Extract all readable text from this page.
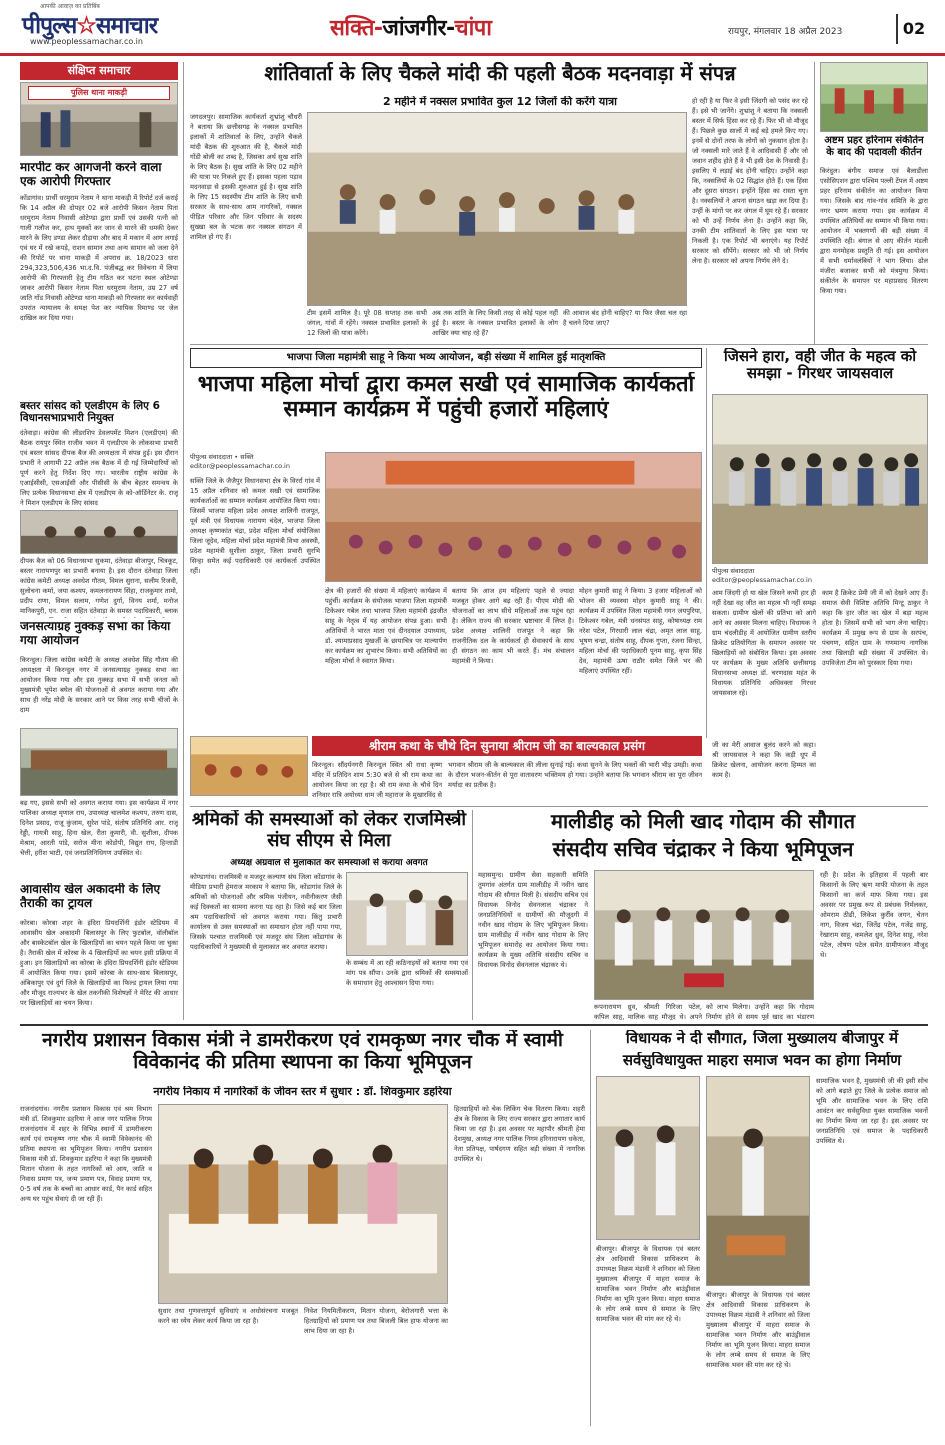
पीपुल्स☆समाचार
आपकी आवाज़ का प्रतिबिंब
www.peoplessamachar.co.in
सक्ति-जांजगीर-चांपा	रायपुर, मंगलवार 18 अप्रैल 2023	02
संक्षिप्त समाचार
पुलिस थाना माकड़ी
मारपीट कर आगजनी करने वाला एक आरोपी गिरफ्तार
कोंडागांव। प्रार्थी धरमुराम नेताम ने थाना माकड़ी में रिपोर्ट दर्ज कराई कि 14 अप्रैल की दोपहर 02 बजे आरोपी किसन नेताम पिता धरमुराम नेताम निवासी ओटेण्डा द्वारा प्रार्थी एवं उसकी पत्नी को गाली गलौज कर, हाथ मुक्कों कर जान से मारने की धमकी देकर मारने के लिए डण्डा लेकर दौड़ाया और बाद में मकान में आग लगाई एवं घर में रखे कपड़े, राशन सामान तथा अन्य सामान को जला देने की रिपोर्ट पर थाना माकड़ी में अपराध क्र. 18/2023 धारा 294,323,506,436 भा.द.वि. पंजीबद्ध कर विवेचना में लिया आरोपी की गिरफ्तारी हेतु टीम गठित कर घटना स्थल ओटेण्डा जाकर आरोपी किसन नेताम पिता धरमुराम नेताम, उम्र 27 वर्ष जाति गोंड निवासी ओटेण्डा थाना माकड़ी को गिरफ्तार कर कार्यवाही उपरांत न्यायालय के समक्ष पेश कर न्यायिक रिमाण्ड पर जेल दाखिल कर दिया गया।
बस्तर सांसद को एलडीएम के लिए 6 विधानसभाप्रभारी नियुक्त
दंतेवाड़ा। कांग्रेस की लीडरशिप डेवलपमेंट मिशन (एलडीएम) की बैठक रायपुर स्थित राजीव भवन में एलडीएम के लोकसभा प्रभारी एवं बस्तर सांसद दीपक बैज की अध्यक्षता में संपन्न हुई। इस दौरान प्रभारी ने आगामी 22 अप्रैल तक बैठक में दी गई जिम्मेदारियों को पूर्ण करने हेतु निर्देश दिए गए। भारतीय राष्ट्रीय कांग्रेस के एआईसीसी, एसआईसी और पीसीसी के बीच बेहतर समन्वय के लिए प्रत्येक विधानसभा क्षेत्र में एलडीएम के को-ऑर्डिनेटर के. राजू ने मिशन एलडीएम के लिए सांसद
दीपक बैज को 06 विधानसभा सुकमा, दंतेवाड़ा बीजापुर, चित्रकूट, बस्तर नारायणपुर का प्रभारी बनाया है। इस दौरान दंतेवाड़ा जिला कांग्रेस कमेटी अध्यक्ष अवधेश गौतम, विमल सुराना, सलीम रिजवी, सुलोचना कर्मा, जया कश्यप, कमलनारायण सिंहा, राजकुमार तामो, प्रदीप राणा, विमल सलाम, गणेश दुर्गा, विनय शर्मा, मनोज मानिकपुरी, एन. राजा सहित दंतेवाड़ा के समस्त पदाधिकारी, ब्लाक
जनसत्याग्रह नुक्कड़ सभा का किया गया आयोजन
किरन्दुल। जिला कांग्रेस कमेटी के अध्यक्ष अवधेश सिंह गौतम की अध्यक्षता में किरन्दुल नगर में जनसत्याग्रह नुक्कड़ सभा का आयोजन किया गया और इस नुक्कड़ सभा में सभी जनता को मुख्यमंत्री भूपेश बघेल की योजनाओं से अवगत कराया गया और साथ ही नरेंद्र मोदी के सरकार आने पर किस तरह सभी चीजों के दाम
बढ़ गए, इससे सभी को अवगत कराया गया। इस कार्यक्रम में नगर पालिका अध्यक्ष मृणाल राय, उपाध्यक्ष चालमेश कश्यप, तरुण दास, दिनेश प्रसाद, राजू कुंजाम, सुरेश पांडे, संतोष प्रतिनिधि आर. राजू रेड्डी, गायत्री साहू, हिना खेल, रीता कुमारी, वी. सुशीला, दीपक मेश्राम, आरती पांडे, सरोज मीना कोडोपी, विद्युत राय, हिन्ताडी चेत्ती, हरीश भाटी, एवं जनप्रतिनिधिगण उपस्थित थे।
आवासीय खेल अकादमी के लिए तैराकी का ट्रायल
कोरबा। कोरबा शहर के इंदिरा प्रियदर्शिनी इंडोर स्टेडियम में आवासीय खेल अकादमी बिलासपुर के लिए फुटबॉल, वॉलीबॉल और बास्केटबॉल खेल के खिलाड़ियों का चयन पहले किया जा चुका है। तैराकी खेल में कोरबा के 4 खिलाड़ियों का चयन इसी प्रक्रिया में हुआ। इन खिलाड़ियों का कोरबा के इंदिरा प्रियदर्शिनी इंडोर स्टेडियम में आयोजित किया गया। इसमें कोरबा के साथ-साथ बिलासपुर, अंबिकापुर एवं दुर्ग जिले के खिलाड़ियों का फिल्ड ट्रायल लिया गया और मौजूद राज्यभर के खेल तकनीकी विशेषज्ञों ने मेरिट की आधार पर खिलाड़ियों का चयन किया।
शांतिवार्ता के लिए चैकले मांदी की पहली बैठक मदनवाड़ा में संपन्न
2 महीने में नक्सल प्रभावित कुल 12 जिलों की करेंगे यात्रा
जगदलपुर। सामाजिक कार्यकर्ता शुभ्रांशु चौधरी ने बताया कि छत्तीसगढ़ के नक्सल प्रभावित इलाकों में शांतिवार्ता के लिए, उन्होंने चैकले मांदी बैठक की शुरुआत की है, चैकले मांदी गोंडी बोली का शब्द है, जिसका अर्थ सुख शांति के लिए बैठक है। सुख शांति के लिए 02 महीने की यात्रा पर निकले हुए हैं। इसका पहला पड़ाव मदनवाड़ा से इसकी शुरुआत हुई है। सुख शांति के लिए 15 सदस्यीय टीम शांति के लिए सभी सरकार के साथ-साथ आम नागरिकों, नक्सल पीड़ित परिवार और जिन परिवार के सदस्य सुख्खा बल के भटक कर नक्सल संगठन में शामिल हो गए हैं।
टीम इसमें शामिल है। पूरे 08 सप्ताह तक सभी जंगल, गांवों में रहेंगे। नक्सल प्रभावित इलाकों के 12 जिलों की यात्रा करेंगे।
अब तक शांति के लिए किसी तरह से कोई पहल नहीं हुई है। बस्तर के नक्सल प्रभावित इलाकों के लोग आखिर क्या चाह रहे हैं?
की आवाज बंद होनी चाहिए? या फिर जैसा चल रहा है चलने दिया जाए?
हो रही है या फिर वे इसी जिंदगी को पसंद कर रहे हैं। इसे भी जानेंगे। शुभ्रांशु ने बताया कि नक्सली बस्तर में सिर्फ हिंसा कर रहे हैं। फिर भी वो मौजूद हैं। पिछले कुछ सालों में कई बड़े हमले किए गए। इनमें से दोनों तरफ के लोगों को नुकसान होता है। जो नक्सली मारे जाते हैं वे आदिवासी हैं और जो जवान शहीद होते हैं वे भी इसी देश के निवासी हैं। इसलिए ये लड़ाई बंद होनी चाहिए। उन्होंने कहा कि, नक्सलियों के 02 सिद्धांत होते हैं। एक हिंसा और दूसरा संगठन। इन्होंने हिंसा का रास्ता चुना है। नक्सलियों ने अपना संगठन खड़ा कर दिया है। उन्हीं के मांगों पर कर जंगल में घूम रहे हैं। सरकार को भी उन्हें निर्णय लेना है। उन्होंने कहा कि, उनकी टीम शांतिवार्ता के लिए इस यात्रा पर निकली है। एक रिपोर्ट भी बनाएंगे। यह रिपोर्ट सरकार को सौंपेंगे। सरकार को भी जो निर्णय लेना है। सरकार को अपना निर्णय लेने दे।
अष्टम प्रहर हरिनाम संकीर्तन के बाद की पदावली कीर्तन
किरंदुल। बंगीय समाज एवं बैलाडीला एसोसिएशन द्वारा पश्चिम पल्ली टेंपल में अष्टम प्रहर हरिनाम संकीर्तन का आयोजन किया गया। जिसके बाद गांव-गांव समिति के द्वारा नगर भ्रमण कराया गया। इस कार्यक्रम में उपस्थित अतिथियों का सम्मान भी किया गया। आयोजन में भक्तगणों की बड़ी संख्या में उपस्थिति रही। बंगाल से आए कीर्तन मंडली द्वारा मनमोहक प्रस्तुति दी गई। इस आयोजन में सभी धर्मावलंबियों ने भाग लिया। ढोल मंजीरा बजाकर सभी को मंत्रमुग्ध किया। संकीर्तन के समापन पर महाप्रसाद वितरण किया गया।
भाजपा जिला महामंत्री साहू ने किया भव्य आयोजन, बड़ी संख्या में शामिल हुई मातृशक्ति
भाजपा महिला मोर्चा द्वारा कमल सखी एवं सामाजिक कार्यकर्ता सम्मान कार्यक्रम में पहुंची हजारों महिलाएं
पीपुल्स संवाददाता • सक्ति
editor@peoplessamachar.co.in
सक्ति जिले के जैजैपुर विधानसभा क्षेत्र के विरर्रा गांव में 15 अप्रैल शनिवार को कमल सखी एवं सामाजिक कार्यकर्ताओं का सम्मान कार्यक्रम आयोजित किया गया। जिसमें भाजपा महिला प्रदेश अध्यक्ष शालिनी राजपूत, पूर्व मंत्री एवं विधायक नारायण चंदेल, भाजपा जिला अध्यक्ष कृष्णकांत चंद्रा, प्रदेश महिला मोर्चा संयोजिका जिला जूदेव, महिला मोर्चा प्रदेश महामंत्री विभा अवस्थी, प्रदेश महामंत्री सुशीला ठाकुर, जिला प्रभारी सुरभि सिन्हा समेत कई पदाधिकारी एवं कार्यकर्ता उपस्थित रहीं।
क्षेत्र की हजारों की संख्या में महिलाएं कार्यक्रम में पहुंचीं। कार्यक्रम के संयोजक भाजपा जिला महामंत्री टिकेश्वर गबेल तथा भाजपा जिला महामंत्री इंद्रजीत साहू के नेतृत्व में यह आयोजन संपन्न हुआ। सभी अतिथियों ने भारत माता एवं दीनदयाल उपाध्याय, डॉ. श्यामाप्रसाद मुखर्जी के छायाचित्र पर माल्यार्पण कर कार्यक्रम का शुभारंभ किया। सभी अतिथियों का महिला मोर्चा ने स्वागत किया।
बताया कि आज हम महिलाएं पहले से ज्यादा मजबूत होकर आगे बढ़ रही हैं। पीएम मोदी की योजनाओं का लाभ सीधे महिलाओं तक पहुंच रहा है। लेकिन राज्य की सरकार भ्रष्टाचार में लिप्त है। प्रदेश अध्यक्ष शालिनी राजपूत ने कहा कि राजनीतिक दल के कार्यकर्ता ही सेवाकार्य के साथ ही संगठन का काम भी करते हैं। मंच संचालन महामंत्री ने किया।
मोहन कुमारी साहू ने किया। 3 हजार महिलाओं को भोजन की व्यवस्था मोहन कुमारी साहू ने की। कार्यक्रम में उपस्थित जिला महामंत्री गगन जयपुरिया, टिकेश्वर गबेल, मंत्री धनसंपत साहू, कोषाध्यक्ष राम नरेश पटेल, गिरधारी लाल चंद्रा, अमृत लाल साहू, भूषण चन्द्रा, संतोष साहू, दीपक गुप्ता, रंजना सिन्हा, महिला मोर्चा की पदाधिकारी पूनम साहू, कृपा सिंह देव, महामंत्री ऊषा राठौर समेत जिले भर की महिलाएं उपस्थित रहीं।
जिसने हारा, वही जीत के महत्व को समझा - गिरधर जायसवाल
पीपुल्स संवाददाता
editor@peoplessamachar.co.in
आम जिंदगी हो या खेल जिसने कभी हार ही नहीं देखा वह जीत का महत्व भी नहीं समझ सकता। ग्रामीण खेलों की प्रतिभा को आगे आने का अवसर मिलना चाहिए। विधायक ने ग्राम चंदलीडीह में आयोजित ग्रामीण स्तरीय क्रिकेट प्रतियोगिता के समापन अवसर पर खिलाड़ियों को संबोधित किया। इस अवसर पर कार्यक्रम के मुख्य अतिथि छत्तीसगढ़ विधानसभा अध्यक्ष डॉ. चरणदास महंत के विधायक प्रतिनिधि अधिवक्ता गिरधर जायसवाल रहे।
काम है क्रिकेट प्रेमी जी में को देखने आए हैं। समाज सेवी विशिष्ट अतिथि मिन्टू ठाकुर ने कहा कि हार जीत का खेल में बड़ा महत्व होता है। जिसमें सभी को भाग लेना चाहिए। कार्यक्रम में प्रमुख रूप से ग्राम के सरपंच, पंचगण, सहित ग्राम के गणमान्य नागरिक तथा खिलाड़ी बड़ी संख्या में उपस्थित थे। उपविजेता टीम को पुरस्कार दिया गया।
श्रीराम कथा के चौथे दिन सुनाया श्रीराम जी का बाल्यकाल प्रसंग
किरन्दुल। सौंदर्यनगरी किरन्दुल स्थित श्री राधा कृष्ण मंदिर में प्रतिदिन शाम 5:30 बजे से श्री राम कथा का आयोजन किया जा रहा है। श्री राम कथा के चौथे दिन शनिवार रात्रि अयोध्या धाम जी महाराज के मुखारविंद से
भगवान श्रीराम जी के बाल्यकाल की लीला सुनाई गई। कथा सुनने के लिए भक्तों की भारी भीड़ उमड़ी। कथा के दौरान भजन-कीर्तन से पूरा वातावरण भक्तिमय हो गया। उन्होंने बताया कि भगवान श्रीराम का पूरा जीवन मर्यादा का प्रतीक है।
जी का मेरी आवाज बुलंद करने को कहा। श्री जायसवाल ने कहा कि कड़ी धूप में क्रिकेट खेलना, आयोजन करना हिम्मत का काम है।
श्रमिकों की समस्याओं को लेकर राजमिस्त्री संघ सीएम से मिला
अध्यक्ष अग्रवाल से मुलाकात कर समस्याओं से कराया अवगत
कोण्डागांव। राजमिस्त्री व मजदूर कल्याण संघ जिला कोंडागांव के मीडिया प्रभारी हेमराज मरकाम ने बताया कि, कोंडागांव जिले के श्रमिकों को योजनाओं और श्रमिक पंजीयन, नवीनीकरण जैसी कई दिक्कतों का सामना करना पड़ रहा है। जिसे कई बार जिला श्रम पदाधिकारियों को अवगत कराया गया। किंतु प्रभारी कार्यालय से उक्त समस्याओं का समाधान होता नहीं पाया गया, जिसके पश्चात राजमिस्त्री एवं मजदूर संघ जिला कोंडागांव के पदाधिकारियों ने मुख्यमंत्री से मुलाकात कर अवगत कराया।
के सम्बंध में आ रही कठिनाइयों को बताया गया एवं मांग पत्र सौंपा। उनके द्वारा श्रमिकों की समस्याओं के समाधान हेतु आश्वासन दिया गया।
मालीडीह को मिली खाद गोदाम की सौगात
संसदीय सचिव चंद्राकर ने किया भूमिपूजन
महासमुन्द। ग्रामीण सेवा सहकारी समिति तुमगांव अंतर्गत ग्राम मालीडीह में नवीन खाद गोदाम की सौगात मिली है। संसदीय सचिव एवं विधायक विनोद सेवनलाल चंद्राकर ने जनप्रतिनिधियों व ग्रामीणों की मौजूदगी में नवीन खाद गोदाम के लिए भूमिपूजन किया। ग्राम मालीडीह में नवीन खाद गोदाम के लिए भूमिपूजन समारोह का आयोजन किया गया। कार्यक्रम के मुख्य अतिथि संसदीय सचिव व विधायक विनोद सेवनलाल चंद्राकर थे।
रूपनारायण ध्रुव, श्रीमती गिरिजा पटेल, कपिल साहू, मालिक साहू मौजूद थे। अपने
को लाभ मिलेगा। उन्होंने कहा कि गोदाम निर्माण होने से समय पूर्व खाद का भंडारण
रही है। प्रदेश के इतिहास में पहली बार किसानों के लिए ऋण माफी योजना के तहत किसानों का कर्ज माफ किया गया। इस अवसर पर प्रमुख रूप से प्रबंधक निर्मलकर, ओमराम ठीढी, लिकेश कुर्रीव जगन, चेतन नाग, विजय चंद्रा, जितेंद्र पटेल, गजेंद्र साहू, रेखाराम साहू, कमलेश ध्रुव, दिनेश साहू, नरेश पटेल, तोषण पटेल समेत ग्रामीणजन मौजूद थे।
नगरीय प्रशासन विकास मंत्री ने डामरीकरण एवं रामकृष्ण नगर चौक में स्वामी विवेकानंद की प्रतिमा स्थापना का किया भूमिपूजन
नगरीय निकाय में नागरिकों के जीवन स्तर में सुधार : डॉ. शिवकुमार डहरिया
राजनांदगांव। नगरीय प्रशासन विकास एवं श्रम विभाग मंत्री डॉ. शिवकुमार डहरिया ने आज नगर पालिक निगम राजनांदगांव में शहर के विभिन्न स्थानों में डामरीकरण कार्य एवं रामकृष्ण नगर चौक में स्वामी विवेकानंद की प्रतिमा स्थापना का भूमिपूजन किया। नगरीय प्रशासन विकास मंत्री डॉ. शिवकुमार डहरिया ने कहा कि मुख्यमंत्री मितान योजना के तहत नागरिकों को आय, जाति व निवास प्रमाण पत्र, जन्म प्रमाण पत्र, विवाह प्रमाण पत्र, 0-5 वर्ष तक के बच्चों का आधार कार्ड, पैन कार्ड सहित अन्य घर पहुंच सेवाएं दी जा रही हैं।
सुधार तथा गुणवत्तापूर्ण सुविधाएं व अधोसंरचना मजबूत करने का ध्येय लेकर कार्य किया जा रहा है।
निवेश नियमितीकरण, मितान योजना, बेरोजगारी भत्ता के हितग्राहियों को प्रमाण पत्र तथा बिजली बिल हाफ योजना का लाभ दिया जा रहा है।
हितग्राहियों को चेक लिकिंग चेक वितरण किया। शहरी क्षेत्र के विकास के लिए राज्य सरकार द्वारा लगातार कार्य किया जा रहा है। इस अवसर पर महापौर श्रीमती हेमा देशमुख, अध्यक्ष नगर पालिक निगम हरिनारायण धकेता, नेता प्रतिपक्ष, पार्षदगण सहित बड़ी संख्या में नागरिक उपस्थित थे।
विधायक ने दी सौगात, जिला मुख्यालय बीजापुर में
सर्वसुविधायुक्त माहरा समाज भवन का होगा निर्माण
बीजापुर। बीजापुर के विधायक एवं बस्तर क्षेत्र आदिवासी विकास प्राधिकरण के उपाध्यक्ष विक्रम मंडावी ने शनिवार को जिला मुख्यालय बीजापुर में माहरा समाज के सामाजिक भवन निर्माण और बाउंड्रीवाल निर्माण का भूमि पूजन किया। माहरा समाज के लोग लम्बे समय से समाज के लिए सामाजिक भवन की मांग कर रहे थे।
बीजापुर। बीजापुर के विधायक एवं बस्तर क्षेत्र आदिवासी विकास प्राधिकरण के उपाध्यक्ष विक्रम मंडावी ने शनिवार को जिला मुख्यालय बीजापुर में माहरा समाज के सामाजिक भवन निर्माण और बाउंड्रीवाल निर्माण का भूमि पूजन किया। माहरा समाज के लोग लम्बे समय से समाज के लिए सामाजिक भवन की मांग कर रहे थे।
सामाजिक भवन है, मुख्यमंत्री जी की इसी सोच को आगे बढ़ाते हुए जिले के प्रत्येक समाज को भूमि और सामाजिक भवन के लिए राशि आवंटन कर सर्वसुविधा युक्त सामाजिक भवनों का निर्माण किया जा रहा है। इस अवसर पर जनप्रतिनिधि एवं समाज के पदाधिकारी उपस्थित थे।
